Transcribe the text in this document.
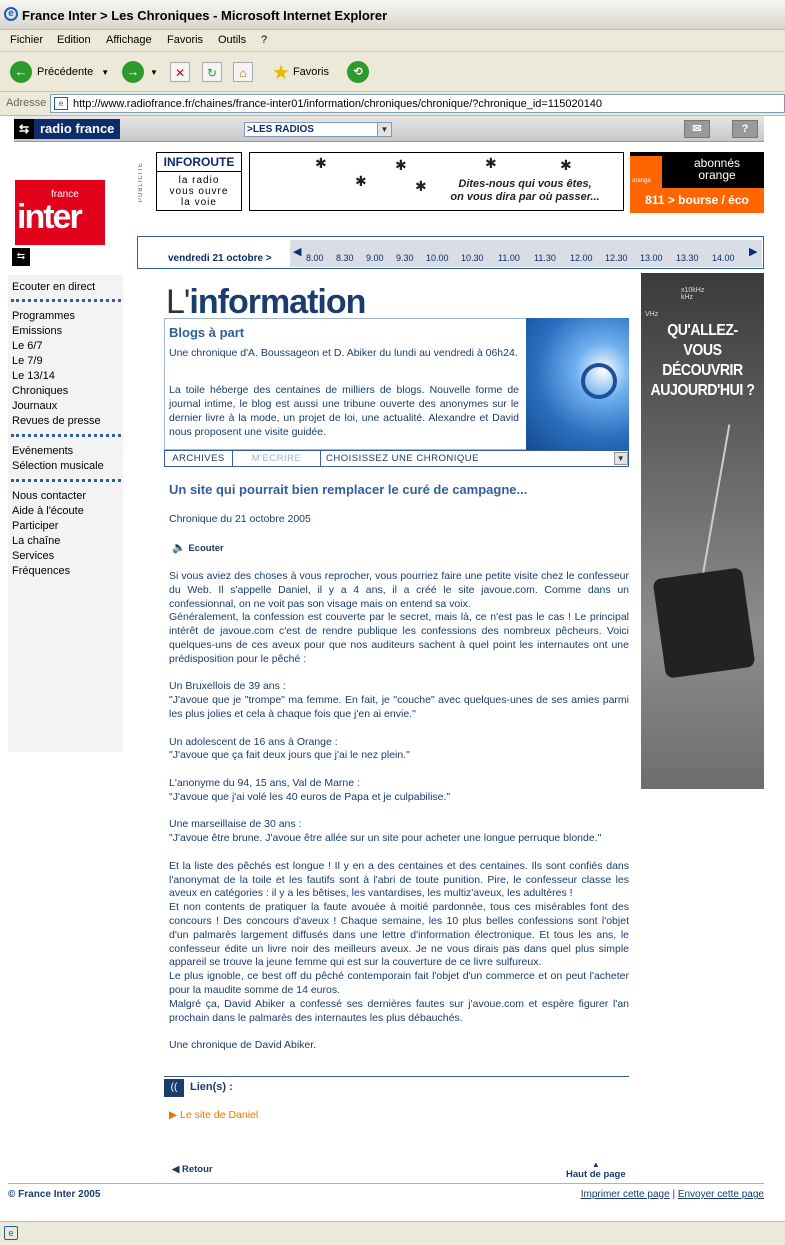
e France Inter > Les Chroniques - Microsoft Internet Explorer
Fichier Edition Affichage Favoris Outils ?
← Précédente ▼	→	▼	✕	↻	⌂	★ Favoris	⟲
Adresse	e http://www.radiofrance.fr/chaines/france-inter01/information/chroniques/chronique/?chronique_id=115020140
⇆ radio france	>LES RADIOS	▼	✉	?
france
inter
⇆
Ecouter en direct
Programmes
Emissions
Le 6/7
Le 7/9
Le 13/14
Chroniques
Journaux
Revues de presse
Evénements
Sélection musicale
Nous contacter
Aide à l'écoute
Participer
La chaîne
Services
Fréquences
PUBLICITE	INFOROUTE
la radio
vous ouvre
la voie
✱
✱
✱
✱
✱	✱
Dites-nous qui vous êtes,
on vous dira par où passer...
orange
abonnés
orange
811 > bourse / éco
vendredi 21 octobre >
◀ 8.00 8.30 9.00 9.30 10.00 10.30 11.00 11.30 12.00 12.30 13.00 13.30 14.00 ▶
x10kHz
kHz
VHz
QU'ALLEZ-VOUS
DÉCOUVRIR
AUJOURD'HUI ?
L'information
Blogs à part
Une chronique d'A. Boussageon et D. Abiker du lundi au vendredi à 06h24.
La toile héberge des centaines de milliers de blogs. Nouvelle forme de journal intime, le blog est aussi une tribune ouverte des anonymes sur le dernier livre à la mode, un projet de loi, une actualité. Alexandre et David nous proposent une visite guidée.
ARCHIVES	M'ECRIRE	CHOISISSEZ UNE CHRONIQUE	▼
Un site qui pourrait bien remplacer le curé de campagne...
Chronique du 21 octobre 2005
🔈 Ecouter

Si vous aviez des choses à vous reprocher, vous pourriez faire une petite visite chez le confesseur du Web. Il s'appelle Daniel, il y a 4 ans, il a créé le site javoue.com. Comme dans un confessionnal, on ne voit pas son visage mais on entend sa voix.

Généralement, la confession est couverte par le secret, mais là, ce n'est pas le cas ! Le principal intérêt de javoue.com c'est de rendre publique les confessions des nombreux pêcheurs. Voici quelques-uns de ces aveux pour que nos auditeurs sachent à quel point les internautes ont une prédisposition pour le pêché :

Un Bruxellois de 39 ans :

"J'avoue que je "trompe" ma femme. En fait, je "couche" avec quelques-unes de ses amies parmi les plus jolies et cela à chaque fois que j'en ai envie."

Un adolescent de 16 ans à Orange :

"J'avoue que ça fait deux jours que j'ai le nez plein."

L'anonyme du 94, 15 ans, Val de Marne :

"J'avoue que j'ai volé les 40 euros de Papa et je culpabilise."

Une marseillaise de 30 ans :

"J'avoue être brune. J'avoue être allée sur un site pour acheter une longue perruque blonde."

Et la liste des pêchés est longue ! Il y en a des centaines et des centaines. Ils sont confiés dans l'anonymat de la toile et les fautifs sont à l'abri de toute punition. Pire, le confesseur classe les aveux en catégories : il y a les bêtises, les vantardises, les multiz'aveux, les adultères !

Et non contents de pratiquer la faute avouée à moitié pardonnée, tous ces misérables font des concours ! Des concours d'aveux ! Chaque semaine, les 10 plus belles confessions sont l'objet d'un palmarès largement diffusés dans une lettre d'information électronique. Et tous les ans, le confesseur édite un livre noir des meilleurs aveux. Je ne vous dirais pas dans quel plus simple appareil se trouve la jeune femme qui est sur la couverture de ce livre sulfureux.

Le plus ignoble, ce best off du pêché contemporain fait l'objet d'un commerce et on peut l'acheter pour la maudite somme de 14 euros.

Malgré ça, David Abiker a confessé ses dernières fautes sur j'avoue.com et espère figurer l'an prochain dans le palmarès des internautes les plus débauchés.

Une chronique de David Abiker.

((	Lien(s) :
▶ Le site de Daniel
◀ Retour	▲
Haut de page
© France Inter 2005	Imprimer cette page | Envoyer cette page
e
